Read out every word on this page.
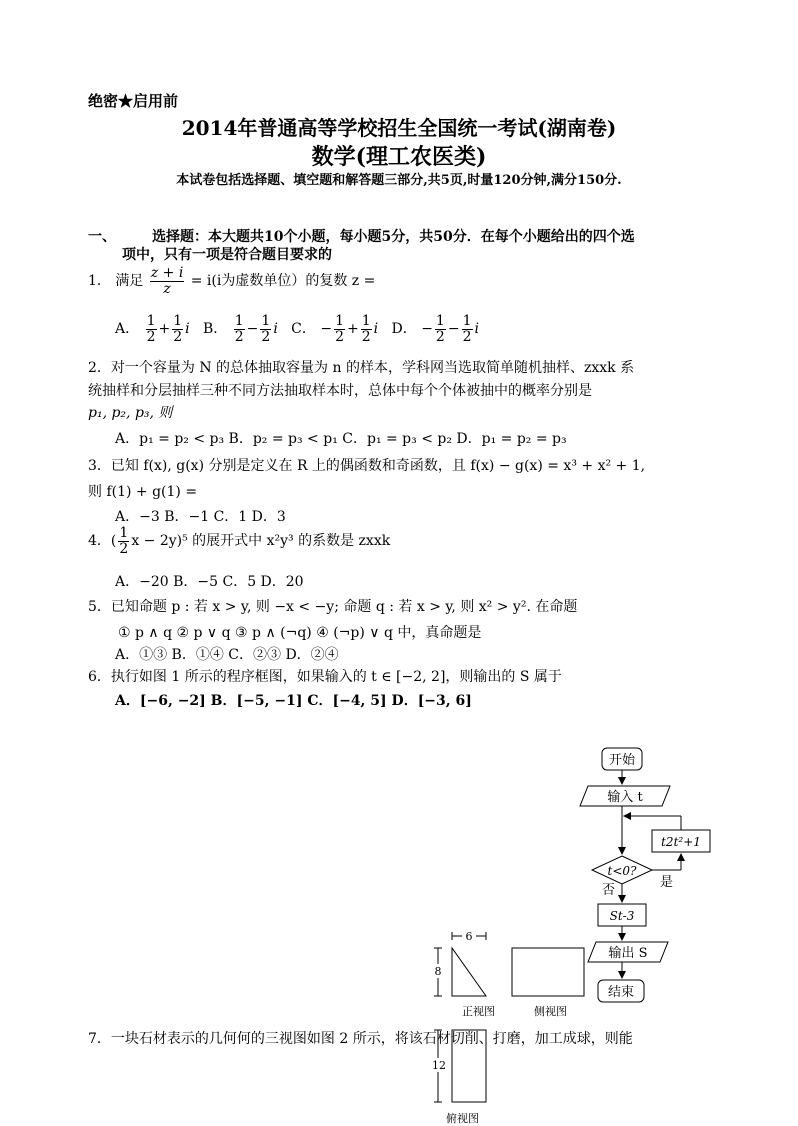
绝密★启用前
2014年普通高等学校招生全国统一考试(湖南卷)
数学(理工农医类)
本试卷包括选择题、填空题和解答题三部分,共5页,时量120分钟,满分150分.
一、	选择题：本大题共10个小题，每小题5分，共50分．在每个小题给出的四个选
项中，只有一项是符合题目要求的
1． 满足 $\frac{z + i}{z} = i(i$为虚数单位）的复数 z =
A． $\frac{1}{2} + \frac{1}{2}$ i B． $\frac{1}{2} - \frac{1}{2}$ i C． − $\frac{1}{2} + \frac{1}{2}$ i D． − $\frac{1}{2} - \frac{1}{2}$ i
2．对一个容量为 N 的总体抽取容量为 n 的样本，学科网当选取简单随机抽样、zxxk 系
统抽样和分层抽样三种不同方法抽取样本时，总体中每个个体被抽中的概率分别是
p₁, p₂, p₃, 则
A．p₁ = p₂ < p₃ B．p₂ = p₃ < p₁ C．p₁ = p₃ < p₂ D．p₁ = p₂ = p₃
3．已知 f(x), g(x) 分别是定义在 R 上的偶函数和奇函数，且 f(x) − g(x) = x³ + x² + 1,
则 f(1) + g(1) =
A．−3 B．−1 C．1 D．3
4．( $\frac{1}{2}$ x − 2y)⁵ 的展开式中 x²y³ 的系数是 zxxk
A．−20 B．−5 C．5 D．20
5．已知命题 p : 若 x > y, 则 −x < −y; 命题 q : 若 x > y, 则 x² > y². 在命题
① p ∧ q ② p ∨ q ③ p ∧ (¬q) ④ (¬p) ∨ q 中，真命题是
A．①③ B．①④ C．②③ D．②④
6．执行如图 1 所示的程序框图，如果输入的 t ∈ [−2, 2]，则输出的 S 属于
A．[−6, −2] B．[−5, −1] C．[−4, 5] D．[−3, 6]
开始
输入 t
t2t²+1
t<0?
是
否
St-3
输出 S
结束
6
8
正视图	侧视图
12
俯视图
7．一块石材表示的几何何的三视图如图 2 所示，将该石材切削、打磨，加工成球，则能
